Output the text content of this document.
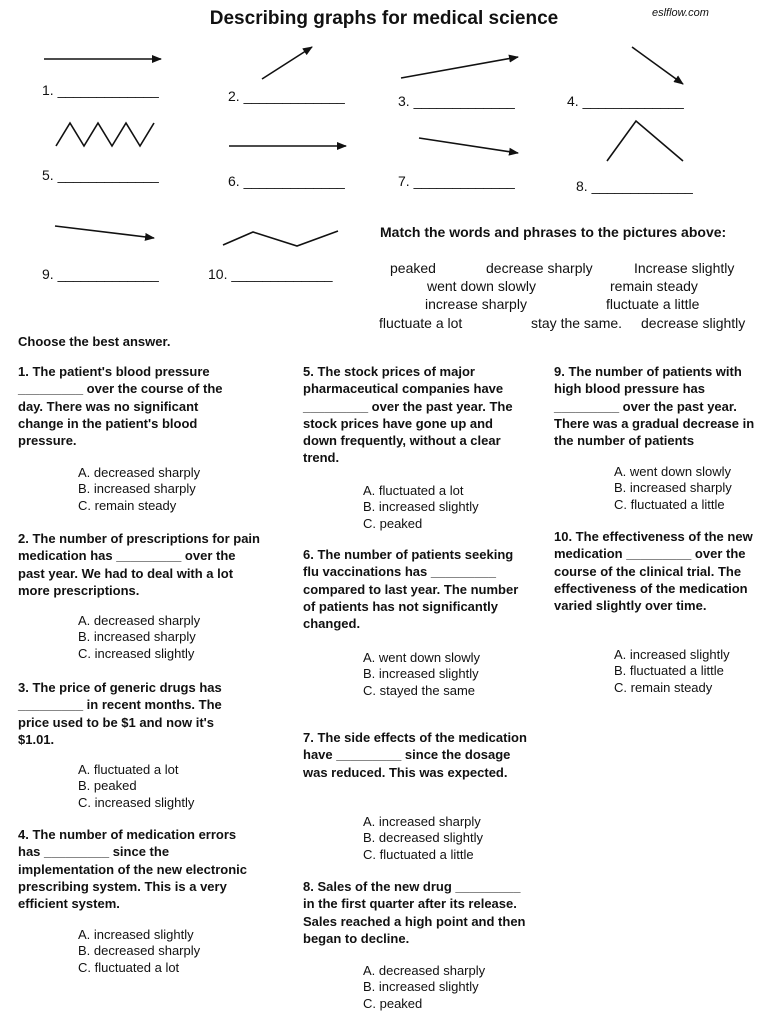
Describing graphs for medical science	eslflow.com
1. _____________	2. _____________	3. _____________	4. _____________
5. _____________	6. _____________	7. _____________	8. _____________
9. _____________	10. _____________
Match the words and phrases to the pictures above:
peaked	decrease sharply	Increase slightly
went down slowly	remain steady
increase sharply	fluctuate a little
fluctuate a lot	stay the same. decrease slightly
Choose the best answer.
1. The patient's blood pressure _________ over the course of the day. There was no significant change in the patient's blood pressure.
A. decreased sharply
B. increased sharply
C. remain steady
2. The number of prescriptions for pain medication has _________ over the past year. We had to deal with a lot more prescriptions.
A. decreased sharply
B. increased sharply
C. increased slightly
3. The price of generic drugs has _________ in recent months. The price used to be $1 and now it's $1.01.
A. fluctuated a lot
B. peaked
C. increased slightly
4. The number of medication errors has _________ since the implementation of the new electronic prescribing system. This is a very efficient system.
A. increased slightly
B. decreased sharply
C. fluctuated a lot
5. The stock prices of major pharmaceutical companies have _________ over the past year. The stock prices have gone up and down frequently, without a clear trend.
A. fluctuated a lot
B. increased slightly
C. peaked
6. The number of patients seeking flu vaccinations has _________ compared to last year. The number of patients has not significantly changed.
A. went down slowly
B. increased slightly
C. stayed the same
7. The side effects of the medication have _________ since the dosage was reduced. This was expected.
A. increased sharply
B. decreased slightly
C. fluctuated a little
8. Sales of the new drug _________ in the first quarter after its release. Sales reached a high point and then began to decline.
A. decreased sharply
B. increased slightly
C. peaked
9. The number of patients with high blood pressure has _________ over the past year. There was a gradual decrease in the number of patients
A. went down slowly
B. increased sharply
C. fluctuated a little
10. The effectiveness of the new medication _________ over the course of the clinical trial. The effectiveness of the medication varied slightly over time.
A. increased slightly
B. fluctuated a little
C. remain steady
